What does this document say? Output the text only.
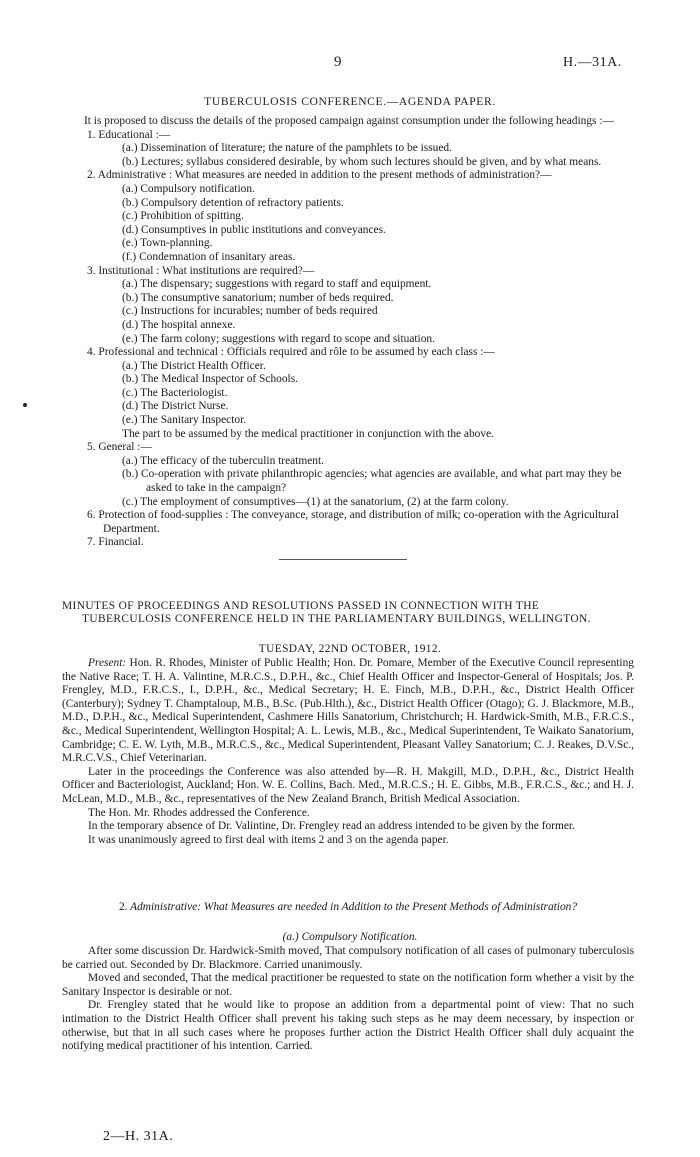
9	H.—31A.
TUBERCULOSIS CONFERENCE.—AGENDA PAPER.

It is proposed to discuss the details of the proposed campaign against consumption under the following headings :—

1. Educational :—

(a.) Dissemination of literature; the nature of the pamphlets to be issued.

(b.) Lectures; syllabus considered desirable, by whom such lectures should be given, and by what means.

2. Administrative : What measures are needed in addition to the present methods of administration?—

(a.) Compulsory notification.

(b.) Compulsory detention of refractory patients.

(c.) Prohibition of spitting.

(d.) Consumptives in public institutions and conveyances.

(e.) Town-planning.

(f.) Condemnation of insanitary areas.

3. Institutional : What institutions are required?—

(a.) The dispensary; suggestions with regard to staff and equipment.

(b.) The consumptive sanatorium; number of beds required.

(c.) Instructions for incurables; number of beds required

(d.) The hospital annexe.

(e.) The farm colony; suggestions with regard to scope and situation.

4. Professional and technical : Officials required and rôle to be assumed by each class :—

(a.) The District Health Officer.

(b.) The Medical Inspector of Schools.

(c.) The Bacteriologist.

(d.) The District Nurse.

(e.) The Sanitary Inspector.

The part to be assumed by the medical practitioner in conjunction with the above.

5. General :—

(a.) The efficacy of the tuberculin treatment.

(b.) Co-operation with private philanthropic agencies; what agencies are available, and what part may they be asked to take in the campaign?

(c.) The employment of consumptives—(1) at the sanatorium, (2) at the farm colony.

6. Protection of food-supplies : The conveyance, storage, and distribution of milk; co-operation with the Agricultural Department.

7. Financial.

MINUTES OF PROCEEDINGS AND RESOLUTIONS PASSED IN CONNECTION WITH THE
TUBERCULOSIS CONFERENCE HELD IN THE PARLIAMENTARY BUILDINGS, WELLINGTON.
TUESDAY, 22ND OCTOBER, 1912.

Present: Hon. R. Rhodes, Minister of Public Health; Hon. Dr. Pomare, Member of the Executive Council representing the Native Race; T. H. A. Valintine, M.R.C.S., D.P.H., &c., Chief Health Officer and Inspector-General of Hospitals; Jos. P. Frengley, M.D., F.R.C.S., I., D.P.H., &c., Medical Secretary; H. E. Finch, M.B., D.P.H., &c., District Health Officer (Canterbury); Sydney T. Champtaloup, M.B., B.Sc. (Pub.Hlth.), &c., District Health Officer (Otago); G. J. Blackmore, M.B., M.D., D.P.H., &c., Medical Superintendent, Cashmere Hills Sanatorium, Christchurch; H. Hardwick-Smith, M.B., F.R.C.S., &c., Medical Superintendent, Wellington Hospital; A. L. Lewis, M.B., &c., Medical Superintendent, Te Waikato Sanatorium, Cambridge; C. E. W. Lyth, M.B., M.R.C.S., &c., Medical Superintendent, Pleasant Valley Sanatorium; C. J. Reakes, D.V.Sc., M.R.C.V.S., Chief Veterinarian.

Later in the proceedings the Conference was also attended by—R. H. Makgill, M.D., D.P.H., &c., District Health Officer and Bacteriologist, Auckland; Hon. W. E. Collins, Bach. Med., M.R.C.S.; H. E. Gibbs, M.B., F.R.C.S., &c.; and H. J. McLean, M.D., M.B., &c., representatives of the New Zealand Branch, British Medical Association.

The Hon. Mr. Rhodes addressed the Conference.

In the temporary absence of Dr. Valintine, Dr. Frengley read an address intended to be given by the former.

It was unanimously agreed to first deal with items 2 and 3 on the agenda paper.

2. Administrative: What Measures are needed in Addition to the Present Methods of Administration?
(a.) Compulsory Notification.

After some discussion Dr. Hardwick-Smith moved, That compulsory notification of all cases of pulmonary tuberculosis be carried out. Seconded by Dr. Blackmore. Carried unanimously.

Moved and seconded, That the medical practitioner be requested to state on the notification form whether a visit by the Sanitary Inspector is desirable or not.

Dr. Frengley stated that he would like to propose an addition from a departmental point of view: That no such intimation to the District Health Officer shall prevent his taking such steps as he may deem necessary, by inspection or otherwise, but that in all such cases where he proposes further action the District Health Officer shall duly acquaint the notifying medical practitioner of his intention. Carried.

2—H. 31A.
